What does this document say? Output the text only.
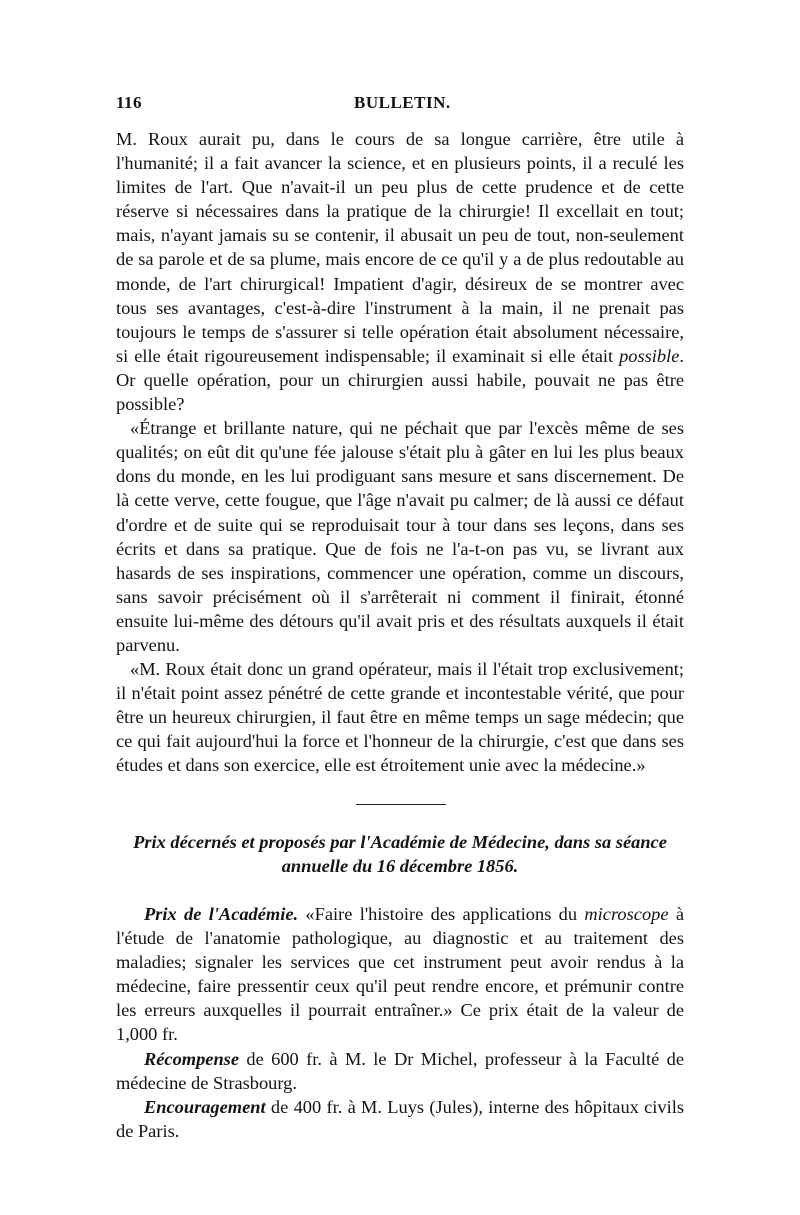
116	BULLETIN.

M. Roux aurait pu, dans le cours de sa longue carrière, être utile à l'humanité; il a fait avancer la science, et en plusieurs points, il a reculé les limites de l'art. Que n'avait-il un peu plus de cette prudence et de cette réserve si nécessaires dans la pratique de la chirurgie! Il excellait en tout; mais, n'ayant jamais su se contenir, il abusait un peu de tout, non-seulement de sa parole et de sa plume, mais encore de ce qu'il y a de plus redoutable au monde, de l'art chirurgical! Impatient d'agir, désireux de se montrer avec tous ses avantages, c'est-à-dire l'instrument à la main, il ne prenait pas toujours le temps de s'assurer si telle opération était absolument nécessaire, si elle était rigoureusement indispensable; il examinait si elle était possible. Or quelle opération, pour un chirurgien aussi habile, pouvait ne pas être possible?

«Étrange et brillante nature, qui ne péchait que par l'excès même de ses qualités; on eût dit qu'une fée jalouse s'était plu à gâter en lui les plus beaux dons du monde, en les lui prodiguant sans mesure et sans discernement. De là cette verve, cette fougue, que l'âge n'avait pu calmer; de là aussi ce défaut d'ordre et de suite qui se reproduisait tour à tour dans ses leçons, dans ses écrits et dans sa pratique. Que de fois ne l'a-t-on pas vu, se livrant aux hasards de ses inspirations, commencer une opération, comme un discours, sans savoir précisément où il s'arrêterait ni comment il finirait, étonné ensuite lui-même des détours qu'il avait pris et des résultats auxquels il était parvenu.

«M. Roux était donc un grand opérateur, mais il l'était trop exclusivement; il n'était point assez pénétré de cette grande et incontestable vérité, que pour être un heureux chirurgien, il faut être en même temps un sage médecin; que ce qui fait aujourd'hui la force et l'honneur de la chirurgie, c'est que dans ses études et dans son exercice, elle est étroitement unie avec la médecine.»

Prix décernés et proposés par l'Académie de Médecine, dans sa séance annuelle du 16 décembre 1856.

Prix de l'Académie. «Faire l'histoire des applications du microscope à l'étude de l'anatomie pathologique, au diagnostic et au traitement des maladies; signaler les services que cet instrument peut avoir rendus à la médecine, faire pressentir ceux qu'il peut rendre encore, et prémunir contre les erreurs auxquelles il pourrait entraîner.» Ce prix était de la valeur de 1,000 fr.

Récompense de 600 fr. à M. le Dr Michel, professeur à la Faculté de médecine de Strasbourg.

Encouragement de 400 fr. à M. Luys (Jules), interne des hôpitaux civils de Paris.
